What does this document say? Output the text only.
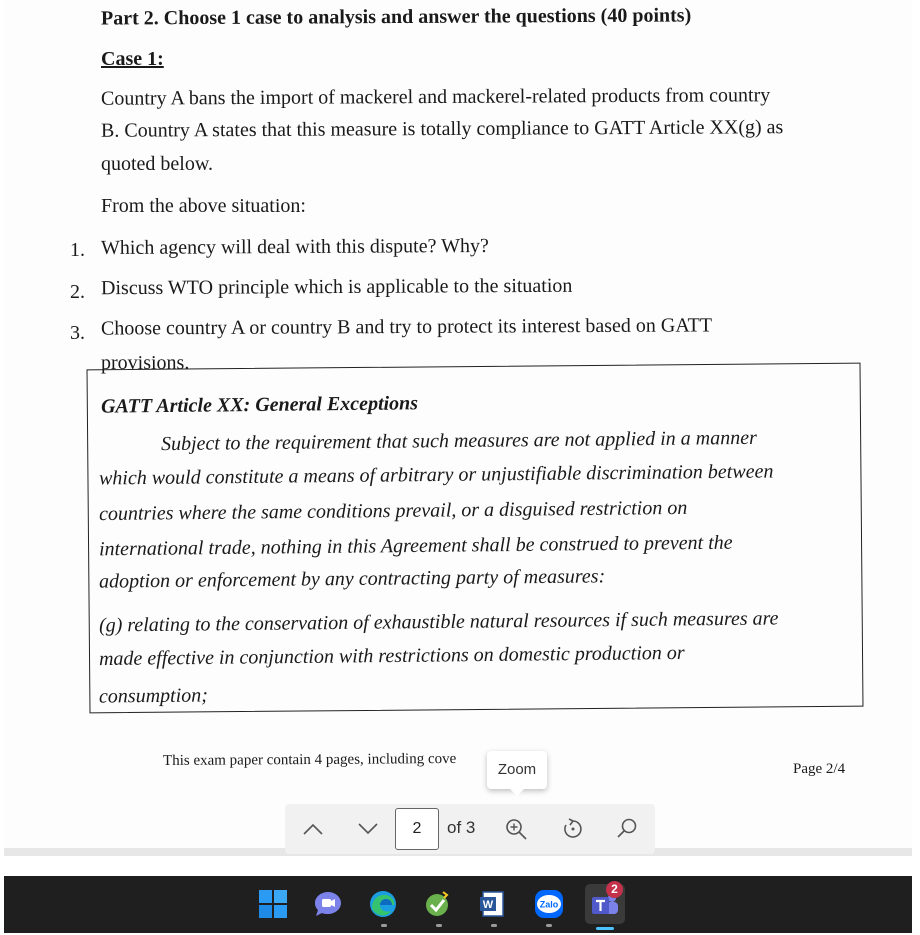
Part 2. Choose 1 case to analysis and answer the questions (40 points)
Case 1:
Country A bans the import of mackerel and mackerel-related products from country
B. Country A states that this measure is totally compliance to GATT Article XX(g) as
quoted below.
From the above situation:
1. Which agency will deal with this dispute? Why?
2. Discuss WTO principle which is applicable to the situation
3. Choose country A or country B and try to protect its interest based on GATT
provisions.
GATT Article XX: General Exceptions
Subject to the requirement that such measures are not applied in a manner
which would constitute a means of arbitrary or unjustifiable discrimination between
countries where the same conditions prevail, or a disguised restriction on
international trade, nothing in this Agreement shall be construed to prevent the
adoption or enforcement by any contracting party of measures:
(g) relating to the conservation of exhaustible natural resources if such measures are
made effective in conjunction with restrictions on domestic production or
consumption;
This exam paper contain 4 pages, including cove	Page 2/4
Zoom
2
of 3
W	Zalo
2
